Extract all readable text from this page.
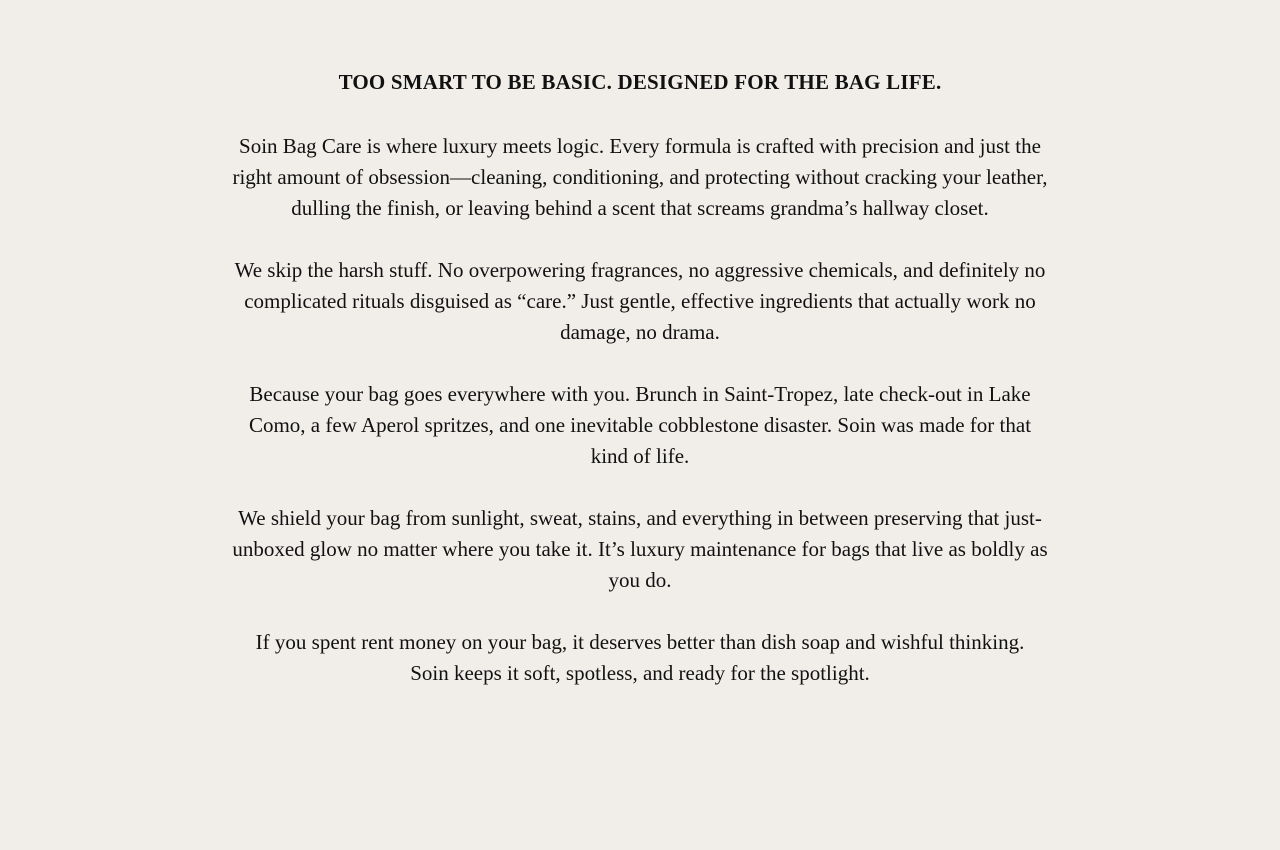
TOO SMART TO BE BASIC. DESIGNED FOR THE BAG LIFE.

Soin Bag Care is where luxury meets logic. Every formula is crafted with precision and just the right amount of obsession—cleaning, conditioning, and protecting without cracking your leather, dulling the finish, or leaving behind a scent that screams grandma’s hallway closet.

We skip the harsh stuff. No overpowering fragrances, no aggressive chemicals, and definitely no complicated rituals disguised as “care.” Just gentle, effective ingredients that actually work no damage, no drama.

Because your bag goes everywhere with you. Brunch in Saint-Tropez, late check-out in Lake Como, a few Aperol spritzes, and one inevitable cobblestone disaster. Soin was made for that kind of life.

We shield your bag from sunlight, sweat, stains, and everything in between preserving that just-unboxed glow no matter where you take it. It’s luxury maintenance for bags that live as boldly as you do.

If you spent rent money on your bag, it deserves better than dish soap and wishful thinking.
Soin keeps it soft, spotless, and ready for the spotlight.
